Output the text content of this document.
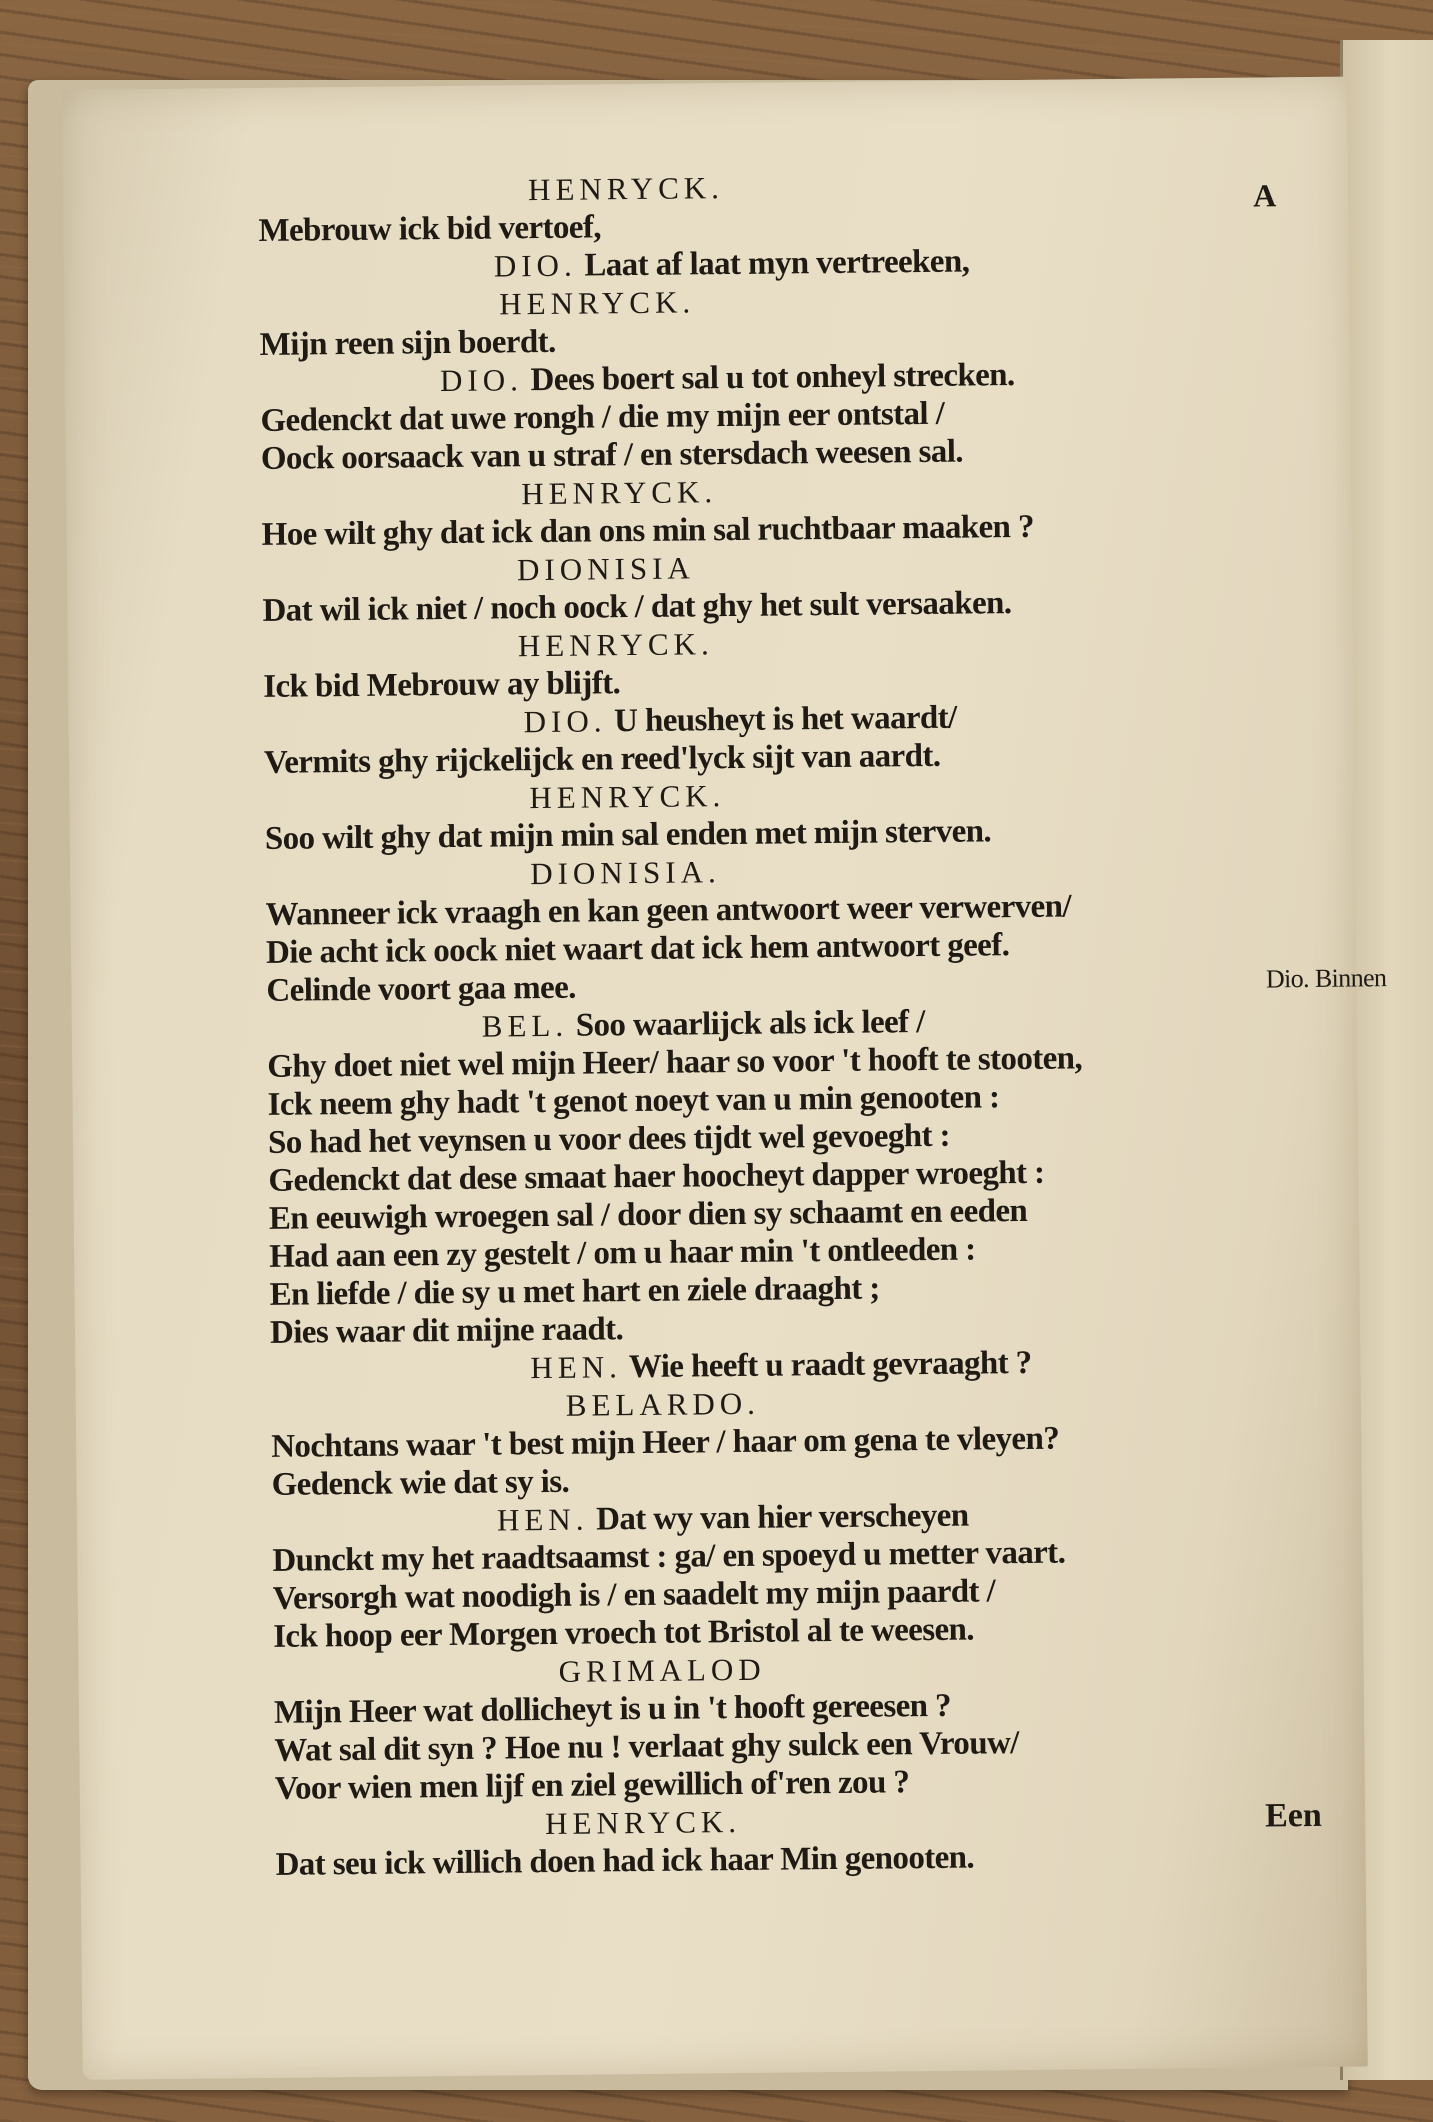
HENRYCK.
Mebrouw ick bid vertoef,
DIO. Laat af laat myn vertreeken,
HENRYCK.
Mijn reen sijn boerdt.
DIO. Dees boert sal u tot onheyl strecken.
Gedenckt dat uwe rongh / die my mijn eer ontstal /
Oock oorsaack van u straf / en stersdach weesen sal.
HENRYCK.
Hoe wilt ghy dat ick dan ons min sal ruchtbaar maaken ?
DIONISIA
Dat wil ick niet / noch oock / dat ghy het sult versaaken.
HENRYCK.
Ick bid Mebrouw ay blijft.
DIO. U heusheyt is het waardt/
Vermits ghy rijckelijck en reed'lyck sijt van aardt.
HENRYCK.
Soo wilt ghy dat mijn min sal enden met mijn sterven.
DIONISIA.
Wanneer ick vraagh en kan geen antwoort weer verwerven/
Die acht ick oock niet waart dat ick hem antwoort geef.
Celinde voort gaa mee.	Dio. Binnen
BEL. Soo waarlijck als ick leef /
Ghy doet niet wel mijn Heer/ haar so voor 't hooft te stooten,
Ick neem ghy hadt 't genot noeyt van u min genooten :
So had het veynsen u voor dees tijdt wel gevoeght :
Gedenckt dat dese smaat haer hoocheyt dapper wroeght :
En eeuwigh wroegen sal / door dien sy schaamt en eeden
Had aan een zy gestelt / om u haar min 't ontleeden :
En liefde / die sy u met hart en ziele draaght ;
Dies waar dit mijne raadt.
HEN. Wie heeft u raadt gevraaght ?
BELARDO.
Nochtans waar 't best mijn Heer / haar om gena te vleyen?
Gedenck wie dat sy is.
HEN. Dat wy van hier verscheyen
Dunckt my het raadtsaamst : ga/ en spoeyd u metter vaart.
Versorgh wat noodigh is / en saadelt my mijn paardt /
Ick hoop eer Morgen vroech tot Bristol al te weesen.
GRIMALOD
Mijn Heer wat dollicheyt is u in 't hooft gereesen ?
Wat sal dit syn ? Hoe nu ! verlaat ghy sulck een Vrouw/
Voor wien men lijf en ziel gewillich of'ren zou ?
HENRYCK.
Dat seu ick willich doen had ick haar Min genooten.
A
Een
